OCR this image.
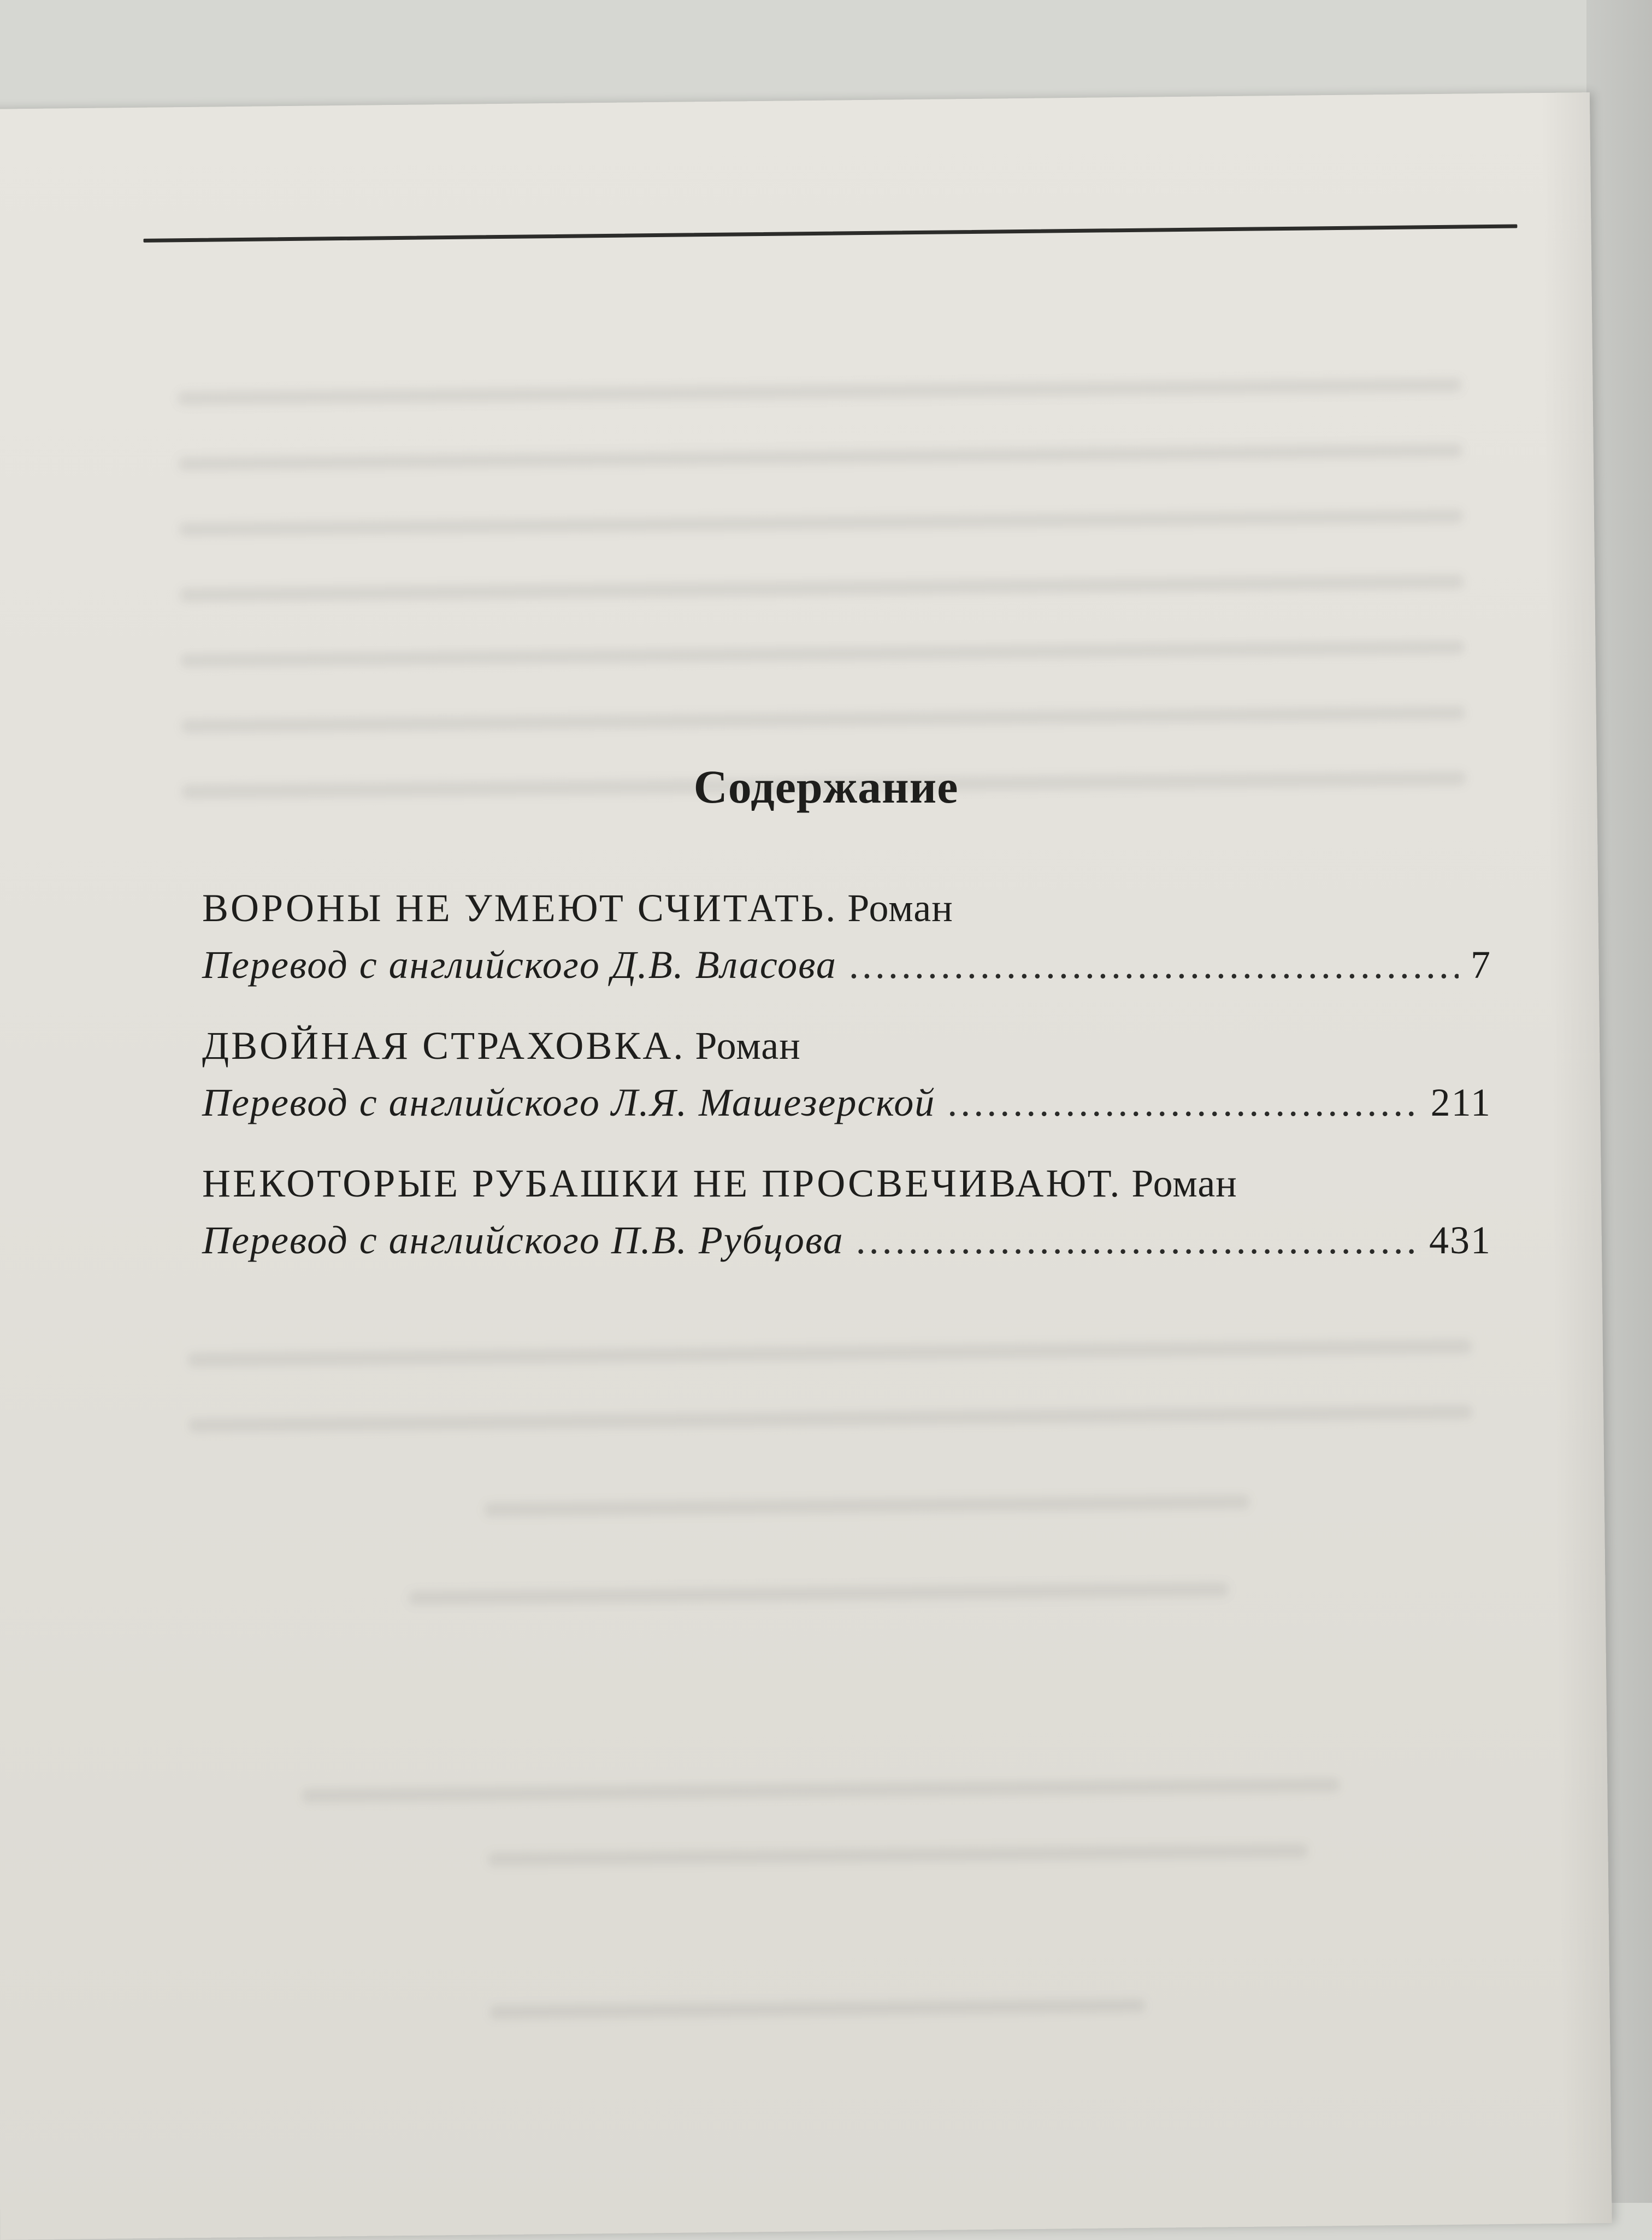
Содержание
ВОРОНЫ НЕ УМЕЮТ СЧИТАТЬ. Роман
Перевод с английского Д.В. Власова .....	7
ДВОЙНАЯ СТРАХОВКА. Роман
Перевод с английского Л.Я. Машезерской .....	211
НЕКОТОРЫЕ РУБАШКИ НЕ ПРОСВЕЧИВАЮТ. Роман
Перевод с английского П.В. Рубцова .....	431
